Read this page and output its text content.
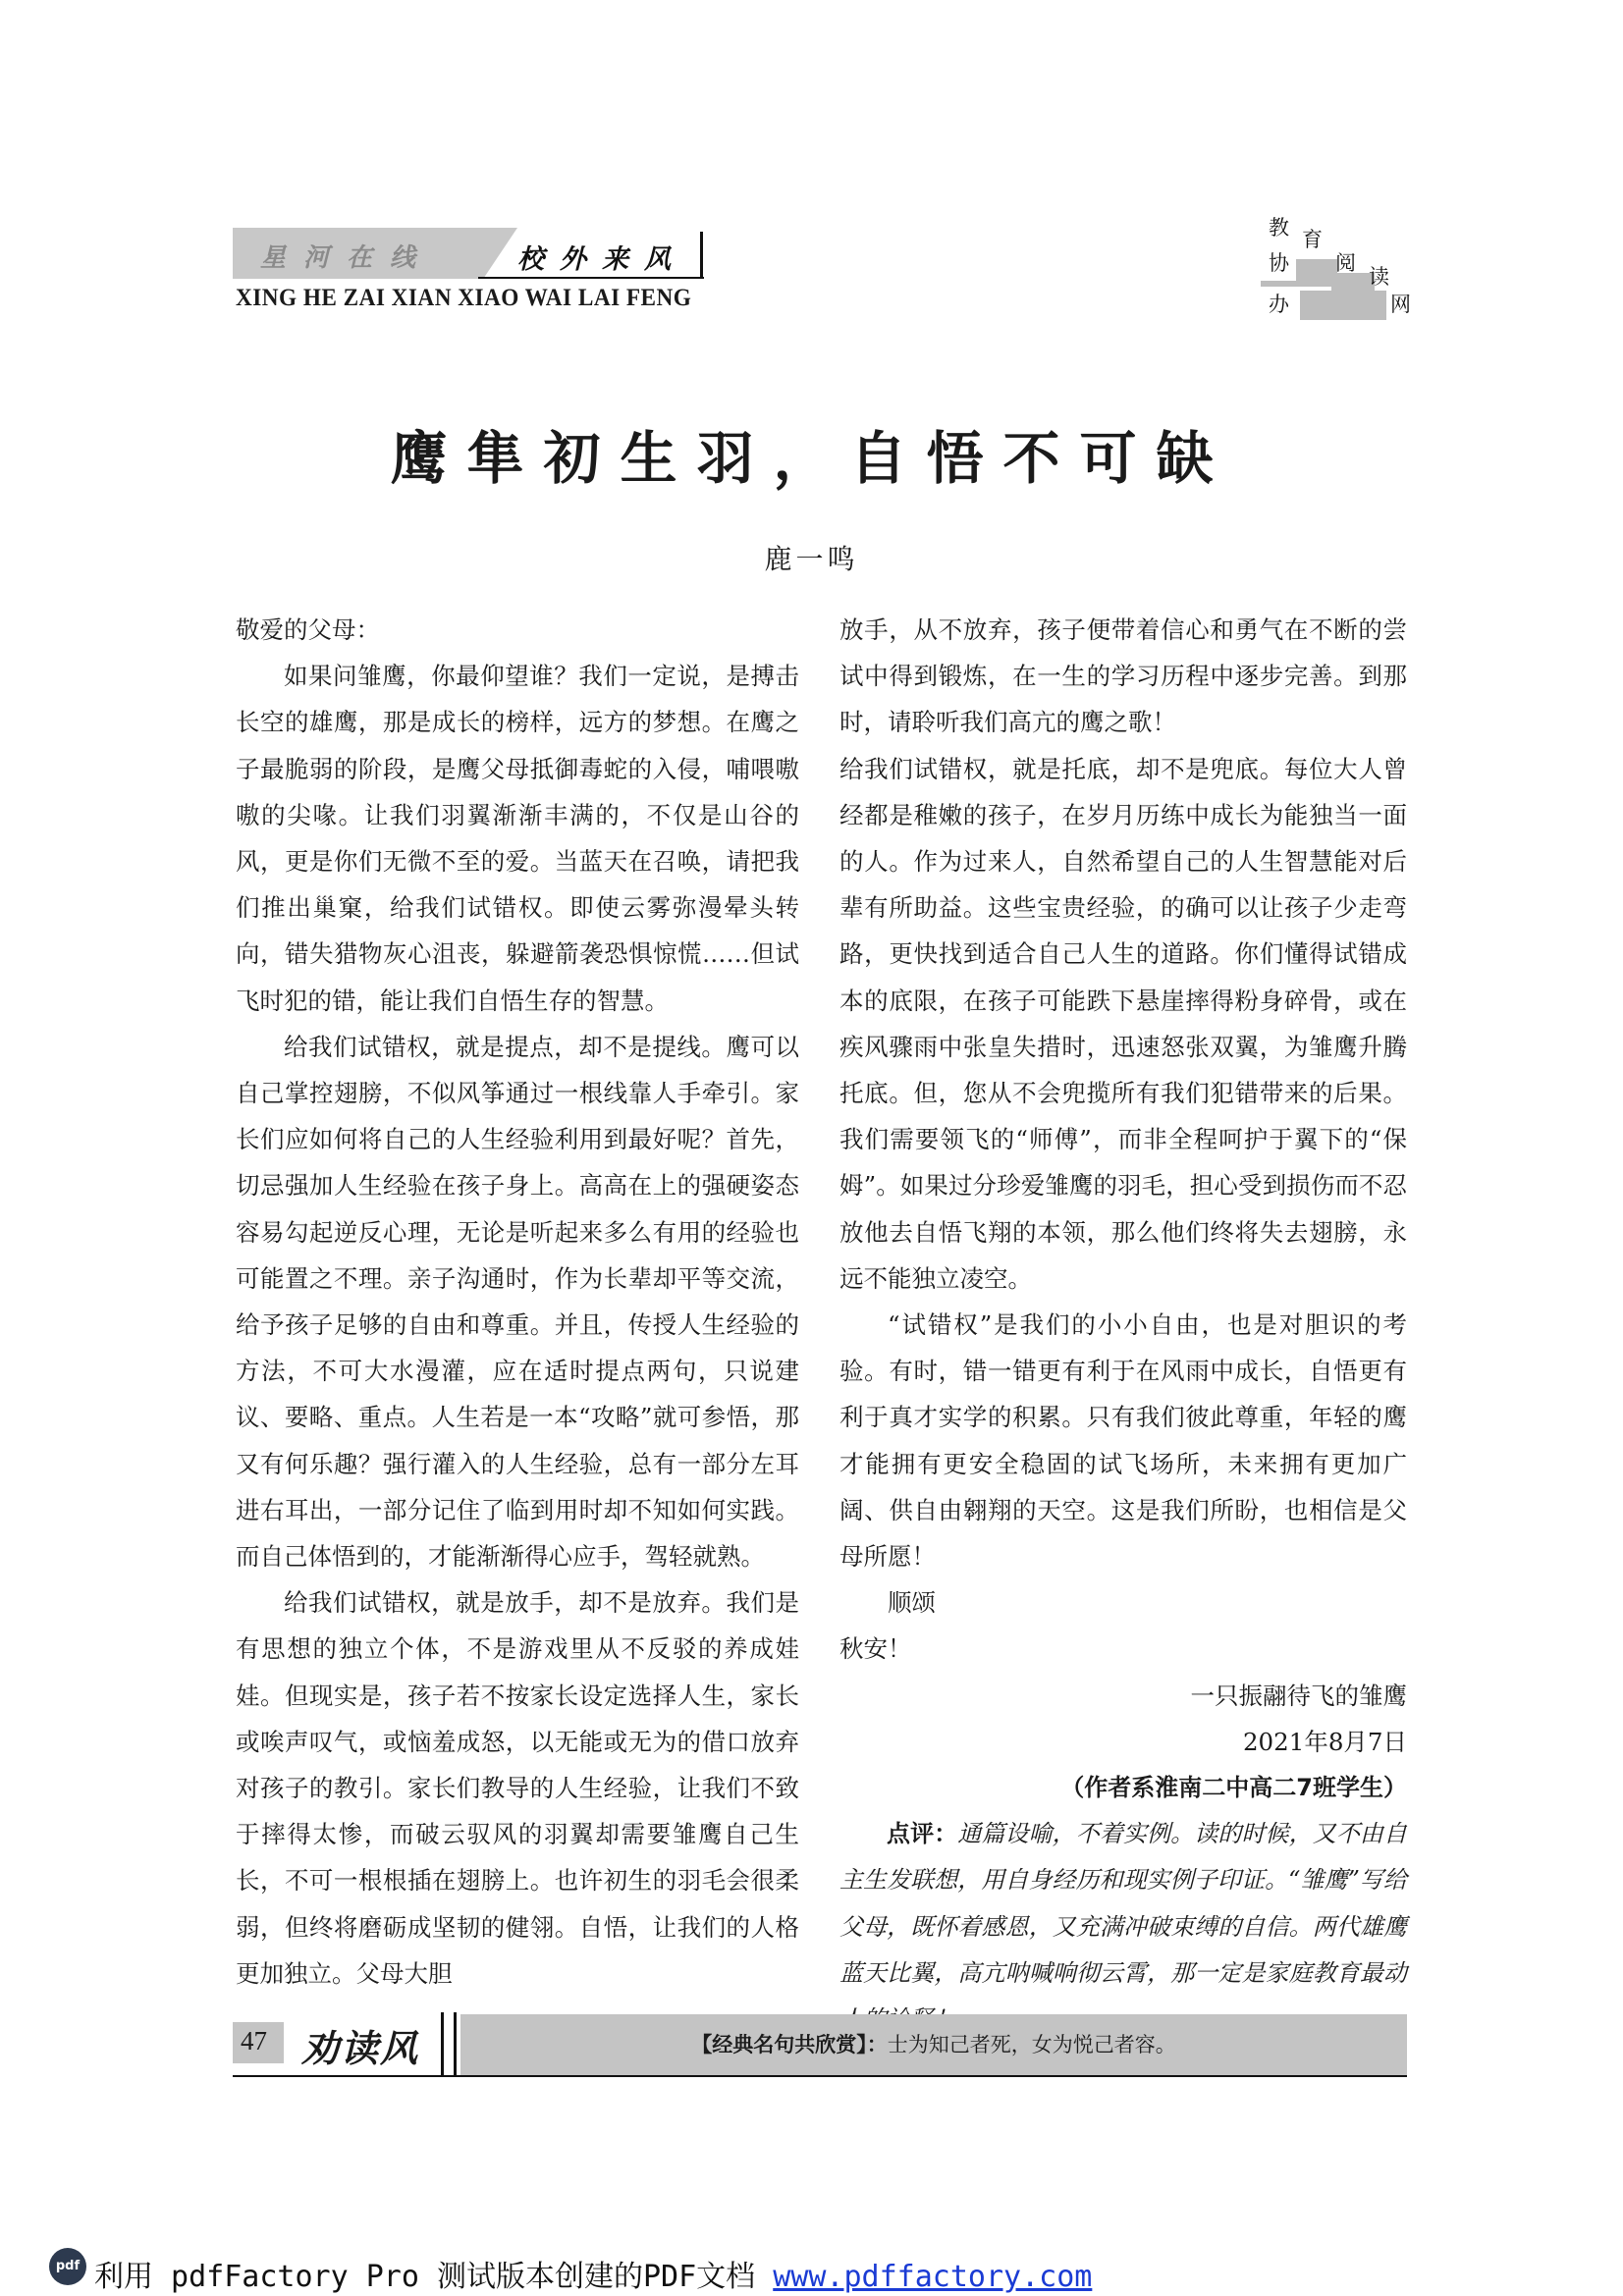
星河在线	校外来风
XING HE ZAI XIAN XIAO WAI LAI FENG
教 育
协 阅
读
办	网
鹰隼初生羽，自悟不可缺
鹿一鸣

敬爱的父母：

如果问雏鹰，你最仰望谁？我们一定说，是搏击长空的雄鹰，那是成长的榜样，远方的梦想。在鹰之子最脆弱的阶段，是鹰父母抵御毒蛇的入侵，哺喂嗷嗷的尖喙。让我们羽翼渐渐丰满的，不仅是山谷的风，更是你们无微不至的爱。当蓝天在召唤，请把我们推出巢窠，给我们试错权。即使云雾弥漫晕头转向，错失猎物灰心沮丧，躲避箭袭恐惧惊慌……但试飞时犯的错，能让我们自悟生存的智慧。

给我们试错权，就是提点，却不是提线。鹰可以自己掌控翅膀，不似风筝通过一根线靠人手牵引。家长们应如何将自己的人生经验利用到最好呢？首先，切忌强加人生经验在孩子身上。高高在上的强硬姿态容易勾起逆反心理，无论是听起来多么有用的经验也可能置之不理。亲子沟通时，作为长辈却平等交流，给予孩子足够的自由和尊重。并且，传授人生经验的方法，不可大水漫灌，应在适时提点两句，只说建议、要略、重点。人生若是一本“攻略”就可参悟，那又有何乐趣？强行灌入的人生经验，总有一部分左耳进右耳出，一部分记住了临到用时却不知如何实践。而自己体悟到的，才能渐渐得心应手，驾轻就熟。

给我们试错权，就是放手，却不是放弃。我们是有思想的独立个体，不是游戏里从不反驳的养成娃娃。但现实是，孩子若不按家长设定选择人生，家长或唉声叹气，或恼羞成怒，以无能或无为的借口放弃对孩子的教引。家长们教导的人生经验，让我们不致于摔得太惨，而破云驭风的羽翼却需要雏鹰自己生长，不可一根根插在翅膀上。也许初生的羽毛会很柔弱，但终将磨砺成坚韧的健翎。自悟，让我们的人格更加独立。父母大胆

放手，从不放弃，孩子便带着信心和勇气在不断的尝试中得到锻炼，在一生的学习历程中逐步完善。到那时，请聆听我们高亢的鹰之歌！

给我们试错权，就是托底，却不是兜底。每位大人曾经都是稚嫩的孩子，在岁月历练中成长为能独当一面的人。作为过来人，自然希望自己的人生智慧能对后辈有所助益。这些宝贵经验，的确可以让孩子少走弯路，更快找到适合自己人生的道路。你们懂得试错成本的底限，在孩子可能跌下悬崖摔得粉身碎骨，或在疾风骤雨中张皇失措时，迅速怒张双翼，为雏鹰升腾托底。但，您从不会兜揽所有我们犯错带来的后果。我们需要领飞的“师傅”，而非全程呵护于翼下的“保姆”。如果过分珍爱雏鹰的羽毛，担心受到损伤而不忍放他去自悟飞翔的本领，那么他们终将失去翅膀，永远不能独立凌空。

“试错权”是我们的小小自由，也是对胆识的考验。有时，错一错更有利于在风雨中成长，自悟更有利于真才实学的积累。只有我们彼此尊重，年轻的鹰才能拥有更安全稳固的试飞场所，未来拥有更加广阔、供自由翱翔的天空。这是我们所盼，也相信是父母所愿！

顺颂

秋安！

一只振翮待飞的雏鹰

2021年8月7日

（作者系淮南二中高二7班学生）

点评：通篇设喻，不着实例。读的时候，又不由自主生发联想，用自身经历和现实例子印证。“雏鹰”写给父母，既怀着感恩，又充满冲破束缚的自信。两代雄鹰蓝天比翼，高亢呐喊响彻云霄，那一定是家庭教育最动

47 劝读风	【经典名句共欣赏】：士为知己者死，女为悦己者容。
pdf 利用 pdfFactory Pro 测试版本创建的PDF文档 www.pdffactory.com
